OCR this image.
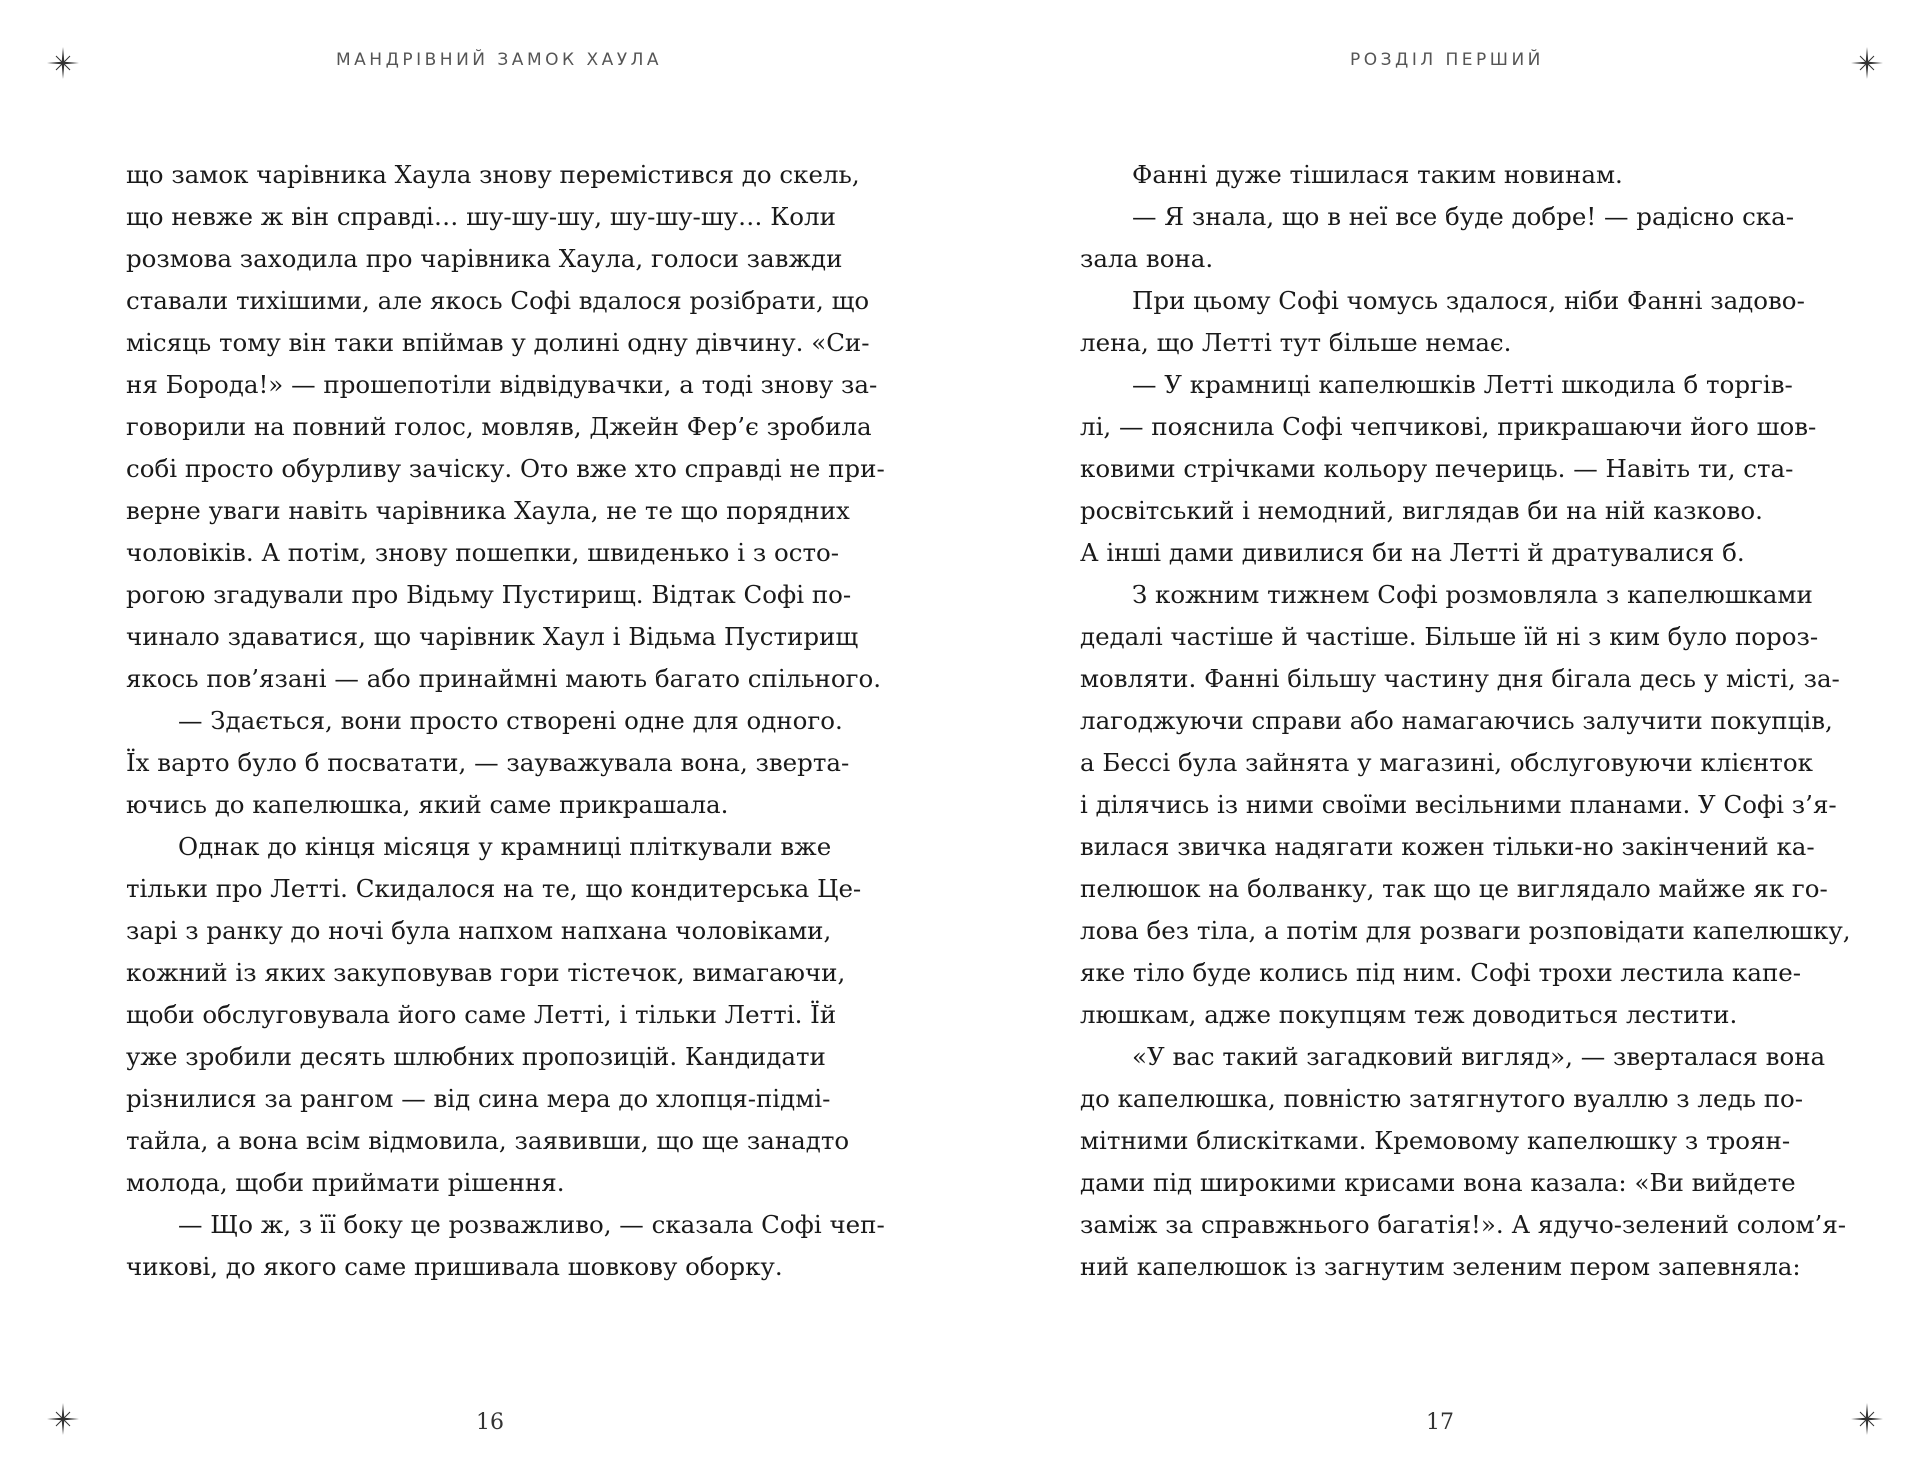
МАНДРІВНИЙ ЗАМОК ХАУЛА
що замок чарівника Хаула знову переміcтився до скель,
що невже ж він справді… шу-шу-шу, шу-шу-шу… Коли
розмова заходила про чарівника Хаула, голоси завжди
ставали тихішими, але якось Софі вдалося розібрати, що
місяць тому він таки впіймав у долині одну дівчину. «Си-
ня Борода!» — прошепотіли відвідувачки, а тоді знову за-
говорили на повний голос, мовляв, Джейн Фер’є зробила
собі просто обурливу зачіску. Ото вже хто справді не при-
верне уваги навіть чарівника Хаула, не те що порядних
чоловіків. А потім, знову пошепки, швиденько і з осто-
рогою згадували про Відьму Пустирищ. Відтак Софі по-
чинало здаватися, що чарівник Хаул і Відьма Пустирищ
якось пов’язані — або принаймні мають багато спільного.
— Здається, вони просто створені одне для одного.
Їх варто було б посватати, — зауважувала вона, зверта-
ючись до капелюшка, який саме прикрашала.
Однак до кінця місяця у крамниці пліткували вже
тільки про Летті. Скидалося на те, що кондитерська Це-
зарі з ранку до ночі була напхом напхана чоловіками,
кожний із яких закуповував гори тістечок, вимагаючи,
щоби обслуговувала його саме Летті, і тільки Летті. Їй
уже зробили десять шлюбних пропозицій. Кандидати
різнилися за рангом — від сина мера до хлопця-підмі-
тайла, а вона всім відмовила, заявивши, що ще занадто
молода, щоби приймати рішення.
— Що ж, з її боку це розважливо, — сказала Софі чеп-
чикові, до якого саме пришивала шовкову оборку.
16
РОЗДІЛ ПЕРШИЙ
Фанні дуже тішилася таким новинам.
— Я знала, що в неї все буде добре! — радісно ска-
зала вона.
При цьому Софі чомусь здалося, ніби Фанні задово-
лена, що Летті тут більше немає.
— У крамниці капелюшків Летті шкодила б торгів-
лі, — пояснила Софі чепчикові, прикрашаючи його шов-
ковими стрічками кольору печериць. — Навіть ти, ста-
росвітський і немодний, виглядав би на ній казково.
А інші дами дивилися би на Летті й дратувалися б.
З кожним тижнем Софі розмовляла з капелюшками
дедалі частіше й частіше. Більше їй ні з ким було пороз-
мовляти. Фанні більшу частину дня бігала десь у місті, за-
лагоджуючи справи або намагаючись залучити покупців,
а Бессі була зайнята у магазині, обслуговуючи клієнток
і ділячись із ними своїми весільними планами. У Софі з’я-
вилася звичка надягати кожен тільки-но закінчений ка-
пелюшок на болванку, так що це виглядало майже як го-
лова без тіла, а потім для розваги розповідати капелюшку,
яке тіло буде колись під ним. Софі трохи лестила капе-
люшкам, адже покупцям теж доводиться лестити.
«У вас такий загадковий вигляд», — зверталася вона
до капелюшка, повністю затягнутого вуаллю з ледь по-
мітними блискітками. Кремовому капелюшку з троян-
дами під широкими крисами вона казала: «Ви вийдете
заміж за справжнього багатія!». А ядучо-зелений солом’я-
ний капелюшок із загнутим зеленим пером запевняла:
17
